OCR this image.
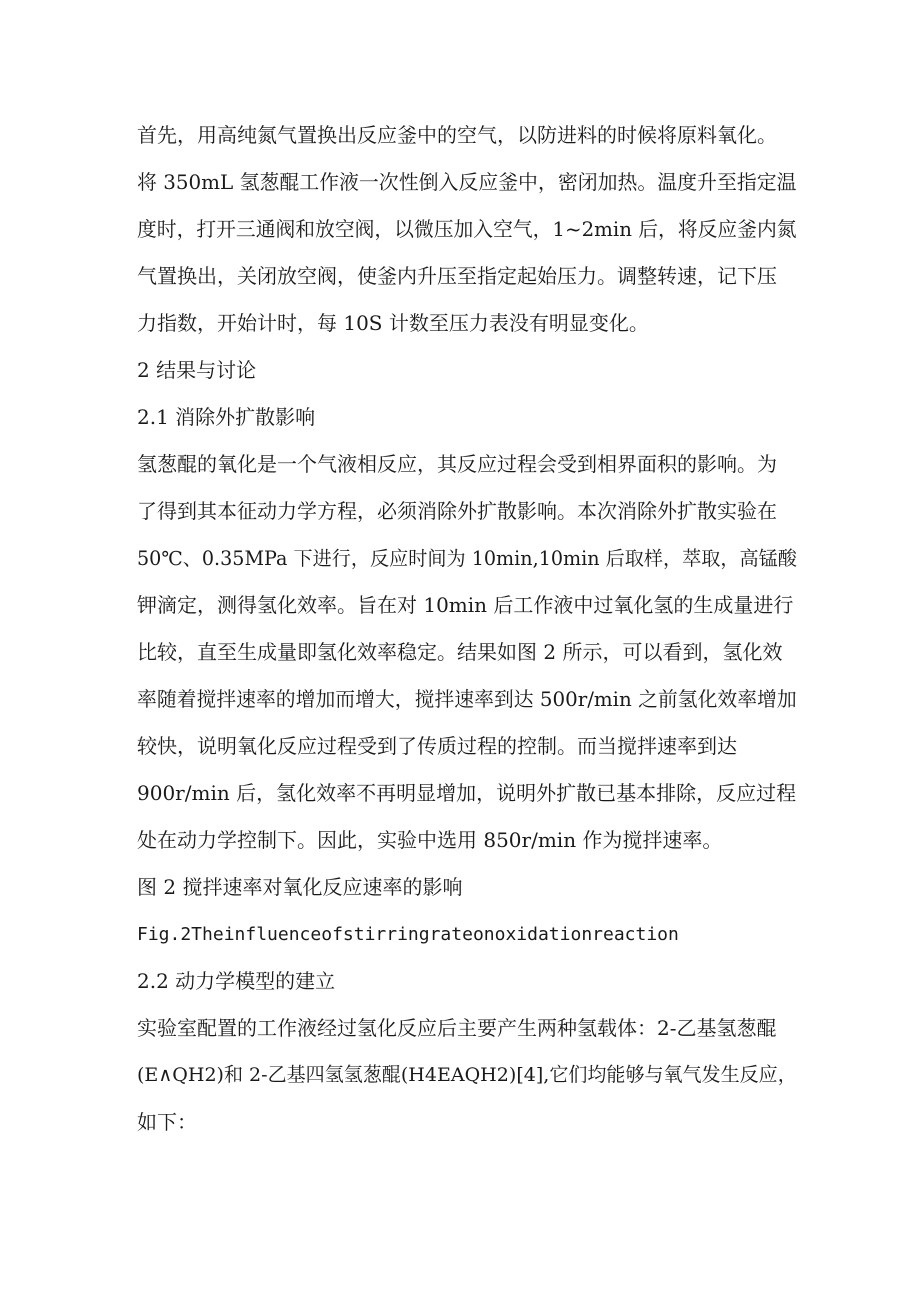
首先，用高纯氮气置换出反应釜中的空气，以防进料的时候将原料氧化。
将 350mL 氢葱醌工作液一次性倒入反应釜中，密闭加热。温度升至指定温
度时，打开三通阀和放空阀，以微压加入空气，1~2min 后，将反应釜内氮
气置换出，关闭放空阀，使釜内升压至指定起始压力。调整转速，记下压
力指数，开始计时，每 10S 计数至压力表没有明显变化。
2 结果与讨论
2.1 消除外扩散影响
氢葱醌的氧化是一个气液相反应，其反应过程会受到相界面积的影响。为
了得到其本征动力学方程，必须消除外扩散影响。本次消除外扩散实验在
50℃、0.35MPa 下进行，反应时间为 10min,10min 后取样，萃取，高锰酸
钾滴定，测得氢化效率。旨在对 10min 后工作液中过氧化氢的生成量进行
比较，直至生成量即氢化效率稳定。结果如图 2 所示，可以看到，氢化效
率随着搅拌速率的增加而增大，搅拌速率到达 500r/min 之前氢化效率增加
较快，说明氧化反应过程受到了传质过程的控制。而当搅拌速率到达
900r/min 后，氢化效率不再明显增加，说明外扩散已基本排除，反应过程
处在动力学控制下。因此，实验中选用 850r/min 作为搅拌速率。
图 2 搅拌速率对氧化反应速率的影响
Fig.2Theinfluenceofstirringrateonoxidationreaction
2.2 动力学模型的建立
实验室配置的工作液经过氢化反应后主要产生两种氢载体：2-乙基氢葱醌
(E∧QH2)和 2-乙基四氢氢葱醌(H4EAQH2)[4],它们均能够与氧气发生反应，
如下：
